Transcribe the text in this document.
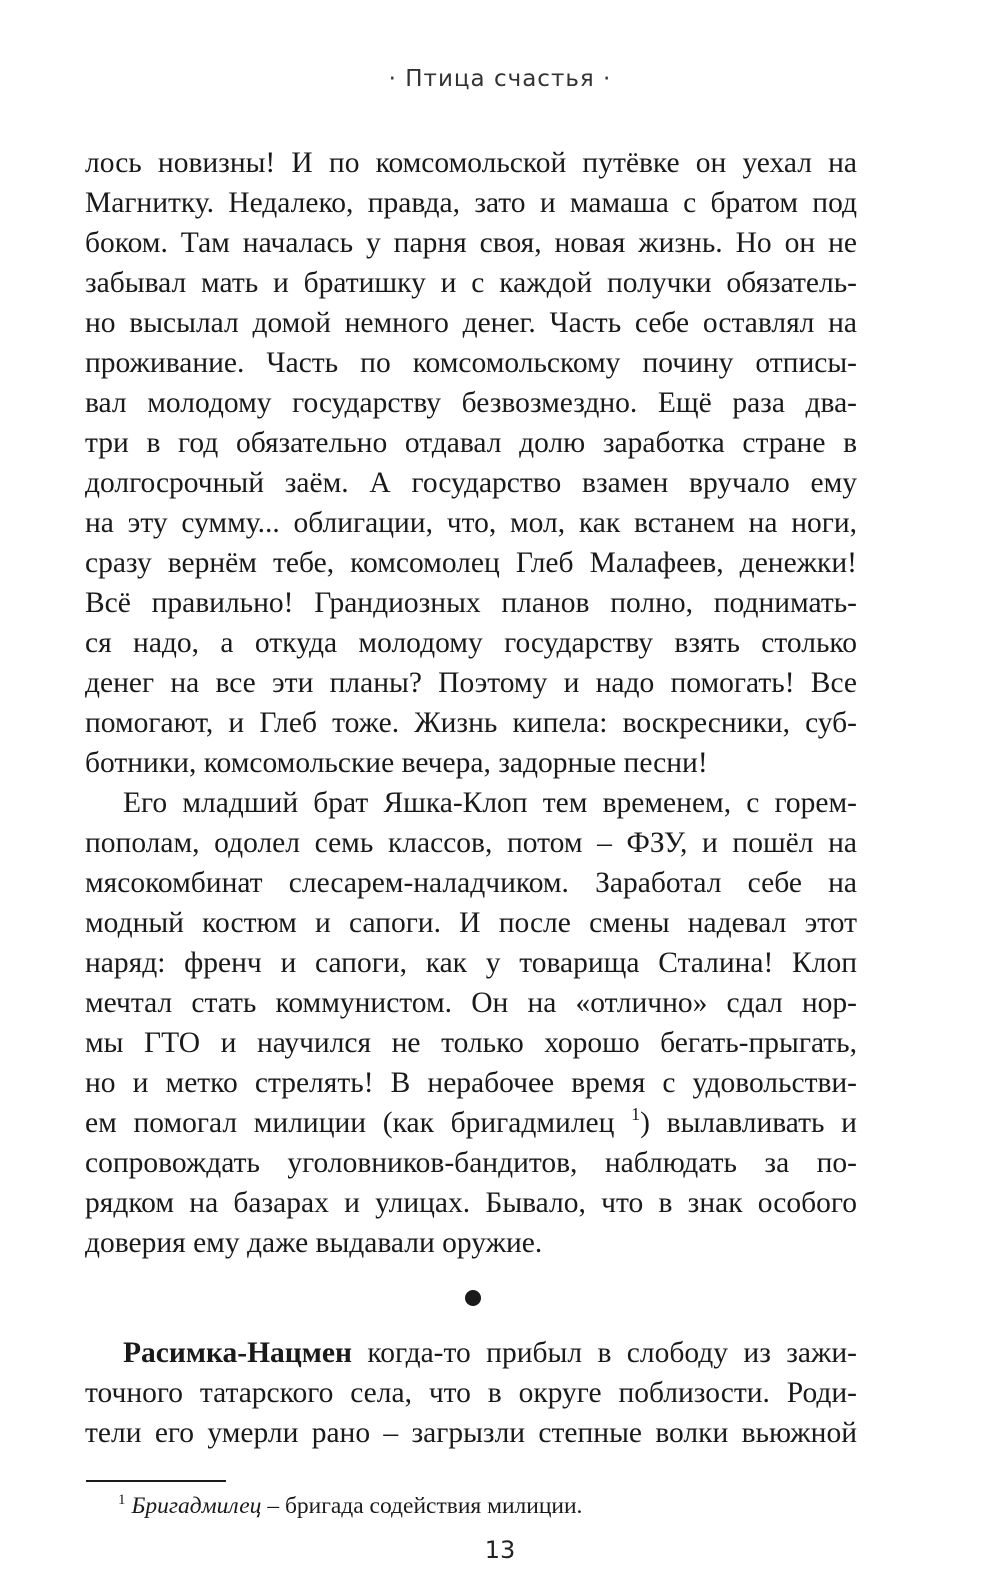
· Птица счастья ·
лось новизны! И по комсомольской путёвке он уехал на
Магнитку. Недалеко, правда, зато и мамаша с братом под
боком. Там началась у парня своя, новая жизнь. Но он не
забывал мать и братишку и с каждой получки обязатель-
но высылал домой немного денег. Часть себе оставлял на
проживание. Часть по комсомольскому почину отписы-
вал молодому государству безвозмездно. Ещё раза два-
три в год обязательно отдавал долю заработка стране в
долгосрочный заём. А государство взамен вручало ему
на эту сумму... облигации, что, мол, как встанем на ноги,
сразу вернём тебе, комсомолец Глеб Малафеев, денежки!
Всё правильно! Грандиозных планов полно, поднимать-
ся надо, а откуда молодому государству взять столько
денег на все эти планы? Поэтому и надо помогать! Все
помогают, и Глеб тоже. Жизнь кипела: воскресники, суб-
ботники, комсомольские вечера, задорные песни!
Его младший брат Яшка-Клоп тем временем, с горем-
пополам, одолел семь классов, потом – ФЗУ, и пошёл на
мясокомбинат слесарем-наладчиком. Заработал себе на
модный костюм и сапоги. И после смены надевал этот
наряд: френч и сапоги, как у товарища Сталина! Клоп
мечтал стать коммунистом. Он на «отлично» сдал нор-
мы ГТО и научился не только хорошо бегать-прыгать,
но и метко стрелять! В нерабочее время с удовольстви-
ем помогал милиции (как бригадмилец $^1$) вылавливать и
сопровождать уголовников-бандитов, наблюдать за по-
рядком на базарах и улицах. Бывало, что в знак особого
доверия ему даже выдавали оружие.
Расимка-Нацмен когда-то прибыл в слободу из зажи-
точного татарского села, что в округе поблизости. Роди-
тели его умерли рано – загрызли степные волки вьюжной
$^1$ Бригадмилец – бригада содействия милиции.
13
